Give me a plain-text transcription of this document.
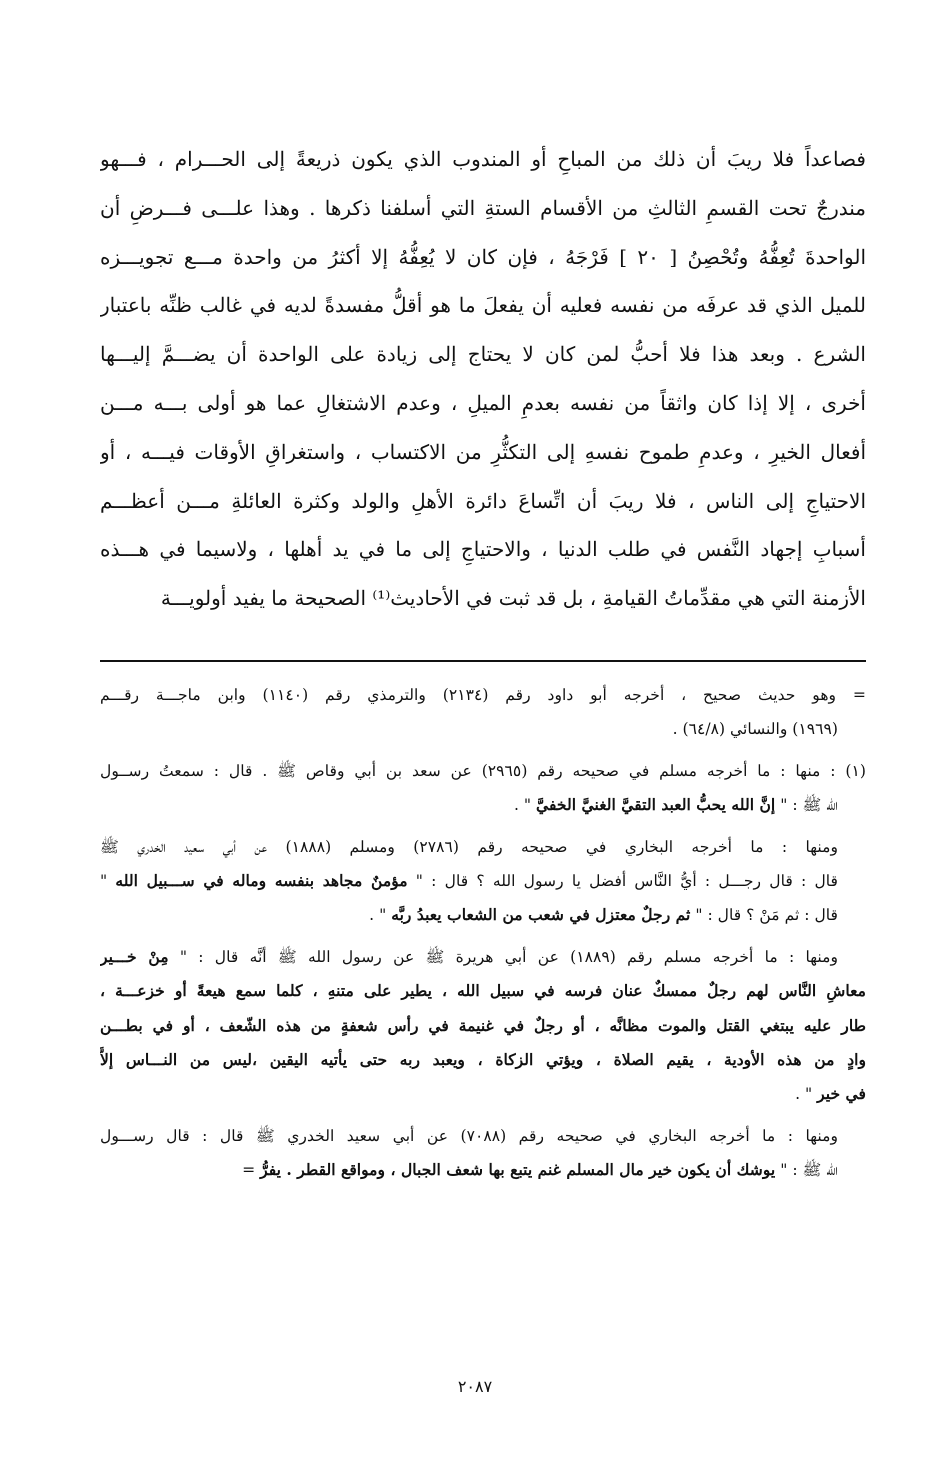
فصاعداً فلا ريبَ أن ذلك من المباحِ أو المندوب الذي يكون ذريعةً إلى الحـــرام ، فـــهو
مندرجٌ تحت القسمِ الثالثِ من الأقسام الستةِ التي أسلفنا ذكرها . وهذا علـــى فـــرضِ أن
الواحدةَ تُعِفُّهُ وتُحْصِنُ [ ٢٠ ] فَرْجَهُ ، فإن كان لا يُعِفُّهُ إلا أكثرُ من واحدة مـــع تجويـــزه
للميل الذي قد عرفَه من نفسه فعليه أن يفعلَ ما هو أقلُّ مفسدةً لديه في غالب ظنِّه باعتبار
الشرع . وبعد هذا فلا أحبُّ لمن كان لا يحتاج إلى زيادة على الواحدة أن يضـــمَّ إليـــها
أخرى ، إلا إذا كان واثقاً من نفسه بعدمِ الميلِ ، وعدم الاشتغالِ عما هو أولى بـــه مـــن
أفعال الخيرِ ، وعدمِ طموح نفسهِ إلى التكثُّرِ من الاكتساب ، واستغراقِ الأوقات فيـــه ، أو
الاحتياجِ إلى الناس ، فلا ريبَ أن اتِّساعَ دائرة الأهلِ والولد وكثرة العائلةِ مـــن أعظـــم
أسبابِ إجهاد النَّفس في طلب الدنيا ، والاحتياجِ إلى ما في يد أهلها ، ولاسيما في هـــذه
الأزمنة التي هي مقدِّماتُ القيامةِ ، بل قد ثبت في الأحاديث⁽¹⁾ الصحيحة ما يفيد أولويـــة
= وهو حديث صحيح ، أخرجه أبو داود رقم (٢١٣٤) والترمذي رقم (١١٤٠) وابن ماجـــة رقـــم
(١٩٦٩) والنسائي (٦٤/٨) .
(١) : منها : ما أخرجه مسلم في صحيحه رقم (٢٩٦٥) عن سعد بن أبي وقاص ﷺ . قال : سمعتُ رســول
الله ﷺ : " إنَّ الله يحبُّ العبد التقيَّ الغنيَّ الخفيَّ " .
ومنها : ما أخرجه البخاري في صحيحه رقم (٢٧٨٦) ومسلم (١٨٨٨) عن أبي سعيد الخدري ﷺ
قال : قال رجـــل : أيُّ النَّاس أفضل يا رسول الله ؟ قال : " مؤمنٌ مجاهد بنفسه وماله في ســـبيل الله "
قال : ثم مَنْ ؟ قال : " ثم رجلٌ معتزل في شعب من الشعاب يعبدُ ربَّه " .
ومنها : ما أخرجه مسلم رقم (١٨٨٩) عن أبي هريرة ﷺ عن رسول الله ﷺ أنَّه قال : " مِنْ خـــير
معاشِ النَّاس لهم رجلٌ ممسكٌ عنان فرسه في سبيل الله ، يطير على متنهِ ، كلما سمع هيعةً أو خزعـــة ،
طار عليه يبتغي القتل والموت مظانَّه ، أو رجلٌ في غنيمة في رأس شعفةٍ من هذه الشّعف ، أو في بطـــن
وادٍ من هذه الأودية ، يقيم الصلاة ، ويؤتي الزكاة ، ويعبد ربه حتى يأتيه اليقين ،ليس من النـــاس إلاَّ
في خير " .
ومنها : ما أخرجه البخاري في صحيحه رقم (٧٠٨٨) عن أبي سعيد الخدري ﷺ قال : قال رســـول
الله ﷺ : " يوشك أن يكون خير مال المسلم غنم يتبع بها شعف الجبال ، ومواقع القطر . يفرُّ =
٢٠٨٧
